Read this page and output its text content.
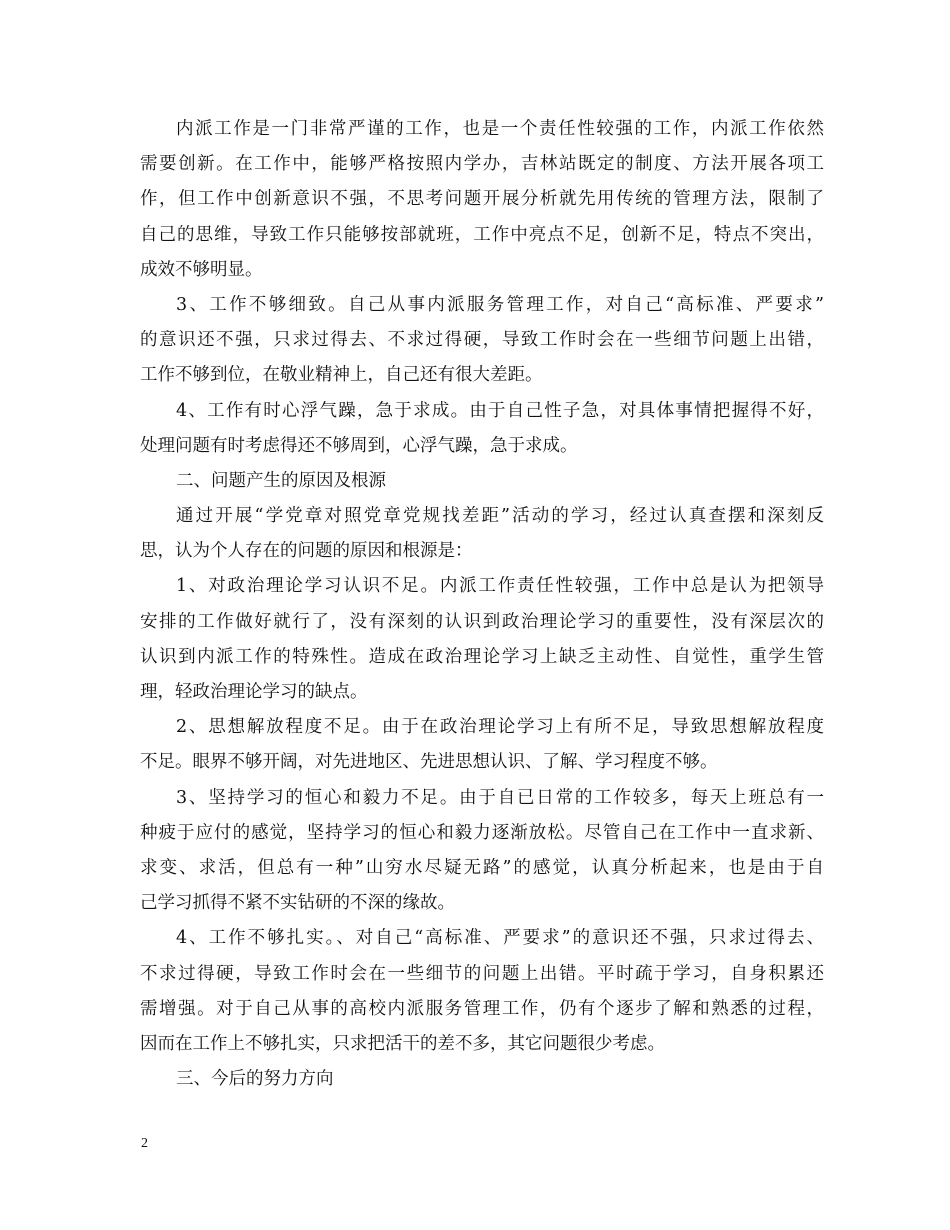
内派工作是一门非常严谨的工作，也是一个责任性较强的工作，内派工作依然
需要创新。在工作中，能够严格按照内学办，吉林站既定的制度、方法开展各项工
作，但工作中创新意识不强，不思考问题开展分析就先用传统的管理方法，限制了
自己的思维，导致工作只能够按部就班，工作中亮点不足，创新不足，特点不突出，
成效不够明显。
3、工作不够细致。自己从事内派服务管理工作，对自己“高标准、严要求”
的意识还不强，只求过得去、不求过得硬，导致工作时会在一些细节问题上出错，
工作不够到位，在敬业精神上，自己还有很大差距。
4、工作有时心浮气躁，急于求成。由于自己性子急，对具体事情把握得不好，
处理问题有时考虑得还不够周到，心浮气躁，急于求成。
二、问题产生的原因及根源
通过开展“学党章对照党章党规找差距”活动的学习，经过认真查摆和深刻反
思，认为个人存在的问题的原因和根源是：
1、对政治理论学习认识不足。内派工作责任性较强，工作中总是认为把领导
安排的工作做好就行了，没有深刻的认识到政治理论学习的重要性，没有深层次的
认识到内派工作的特殊性。造成在政治理论学习上缺乏主动性、自觉性，重学生管
理，轻政治理论学习的缺点。
2、思想解放程度不足。由于在政治理论学习上有所不足，导致思想解放程度
不足。眼界不够开阔，对先进地区、先进思想认识、了解、学习程度不够。
3、坚持学习的恒心和毅力不足。由于自已日常的工作较多，每天上班总有一
种疲于应付的感觉，坚持学习的恒心和毅力逐渐放松。尽管自己在工作中一直求新、
求变、求活，但总有一种”山穷水尽疑无路”的感觉，认真分析起来，也是由于自
己学习抓得不紧不实钻研的不深的缘故。
4、工作不够扎实。、对自己“高标准、严要求”的意识还不强，只求过得去、
不求过得硬，导致工作时会在一些细节的问题上出错。平时疏于学习，自身积累还
需增强。对于自己从事的高校内派服务管理工作，仍有个逐步了解和熟悉的过程，
因而在工作上不够扎实，只求把活干的差不多，其它问题很少考虑。
三、今后的努力方向
2
